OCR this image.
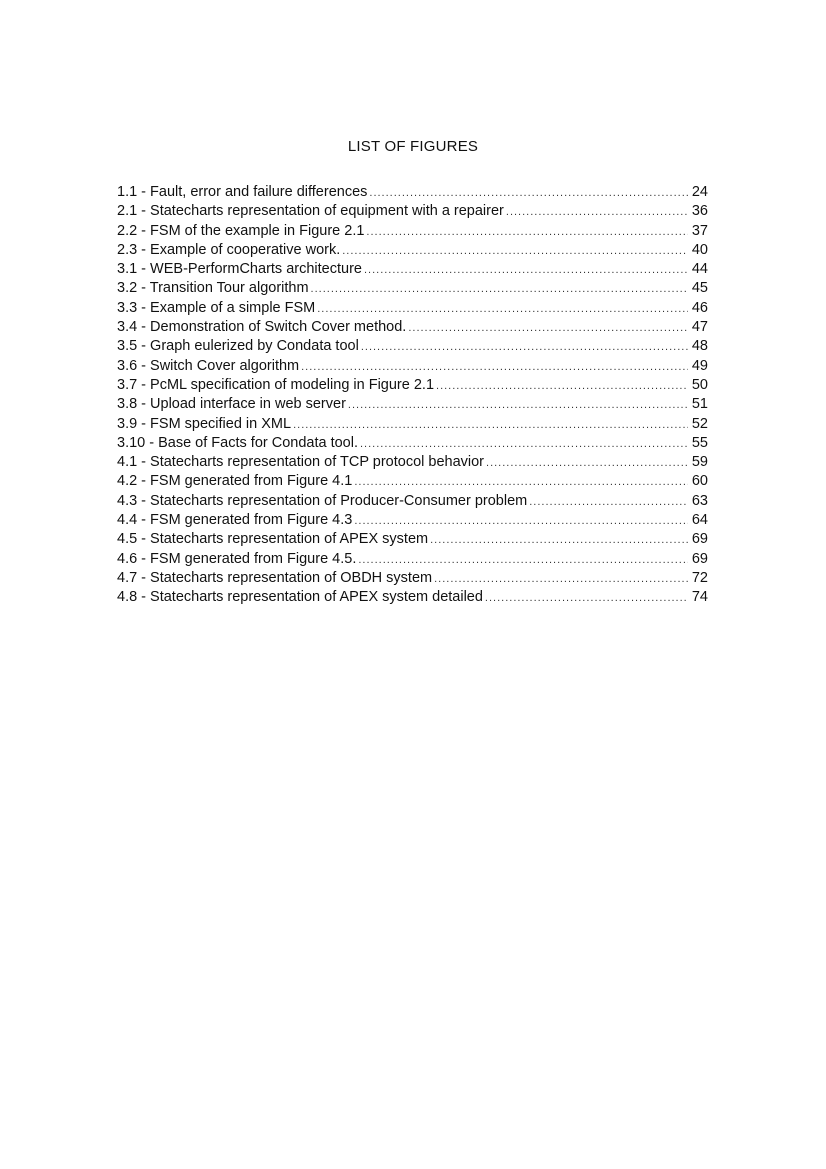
LIST OF FIGURES
1.1 - Fault, error and failure differences .....	24
2.1 - Statecharts representation of equipment with a repairer .....	36
2.2 - FSM of the example in Figure 2.1 .....	37
2.3 - Example of cooperative work. .....	40
3.1 - WEB-PerformCharts architecture .....	44
3.2 - Transition Tour algorithm .....	45
3.3 - Example of a simple FSM .....	46
3.4 - Demonstration of Switch Cover method. .....	47
3.5 - Graph eulerized by Condata tool .....	48
3.6 - Switch Cover algorithm .....	49
3.7 - PcML specification of modeling in Figure 2.1 .....	50
3.8 - Upload interface in web server .....	51
3.9 - FSM specified in XML .....	52
3.10 - Base of Facts for Condata tool. .....	55
4.1 - Statecharts representation of TCP protocol behavior .....	59
4.2 - FSM generated from Figure 4.1 .....	60
4.3 - Statecharts representation of Producer-Consumer problem .....	63
4.4 - FSM generated from Figure 4.3 .....	64
4.5 - Statecharts representation of APEX system .....	69
4.6 - FSM generated from Figure 4.5. .....	69
4.7 - Statecharts representation of OBDH system .....	72
4.8 - Statecharts representation of APEX system detailed .....	74
